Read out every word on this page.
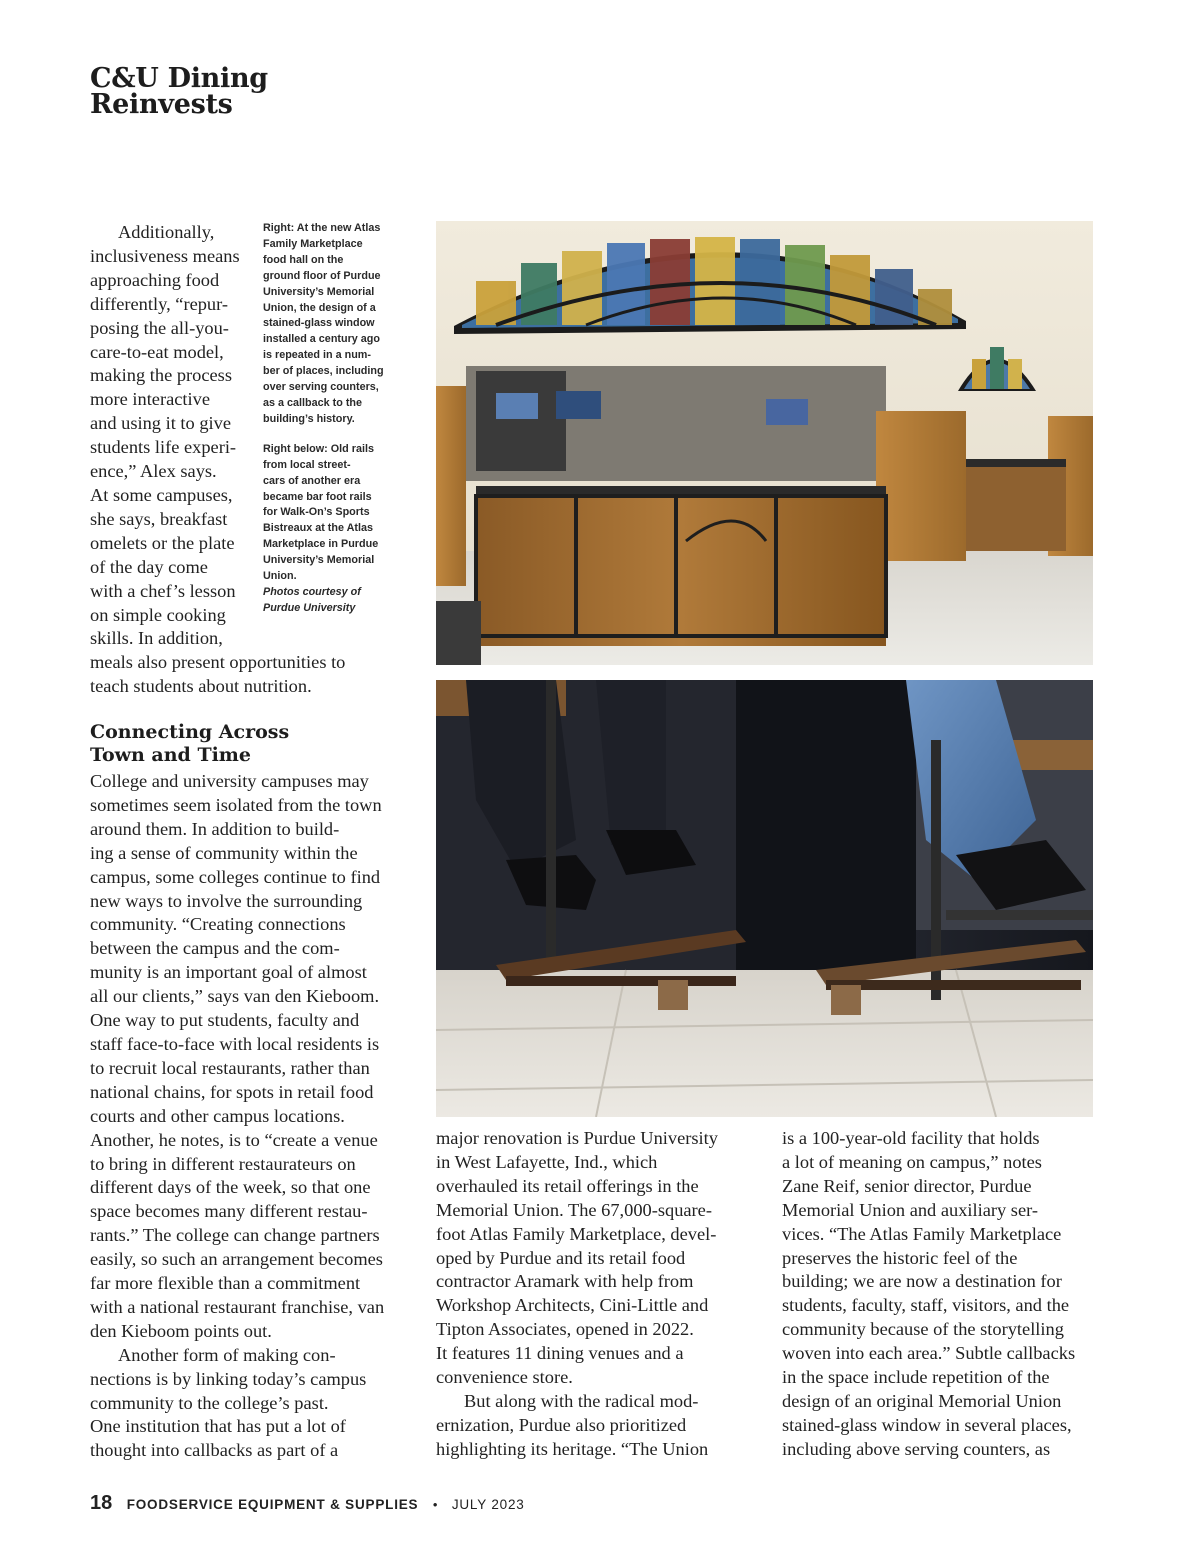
C&U Dining
Reinvests
Additionally,
inclusiveness means
approaching food
differently, “repur-
posing the all-you-
care-to-eat model,
making the process
more interactive
and using it to give
students life experi-
ence,” Alex says.
At some campuses,
she says, breakfast
omelets or the plate
of the day come
with a chef’s lesson
on simple cooking
skills. In addition,
meals also present opportunities to
teach students about nutrition.

Right: At the new Atlas
Family Marketplace
food hall on the
ground floor of Purdue
University’s Memorial
Union, the design of a
stained-glass window
installed a century ago
is repeated in a num-
ber of places, including
over serving counters,
as a callback to the
building’s history.

Right below: Old rails
from local street-
cars of another era
became bar foot rails
for Walk-On’s Sports
Bistreaux at the Atlas
Marketplace in Purdue
University’s Memorial
Union.

Photos courtesy of
Purdue University

Connecting Across
Town and Time
College and university campuses may
sometimes seem isolated from the town
around them. In addition to build-
ing a sense of community within the
campus, some colleges continue to find
new ways to involve the surrounding
community. “Creating connections
between the campus and the com-
munity is an important goal of almost
all our clients,” says van den Kieboom.
One way to put students, faculty and
staff face-to-face with local residents is
to recruit local restaurants, rather than
national chains, for spots in retail food
courts and other campus locations.
Another, he notes, is to “create a venue
to bring in different restaurateurs on
different days of the week, so that one
space becomes many different restau-
rants.” The college can change partners
easily, so such an arrangement becomes
far more flexible than a commitment
with a national restaurant franchise, van
den Kieboom points out.
Another form of making con-
nections is by linking today’s campus
community to the college’s past.
One institution that has put a lot of
thought into callbacks as part of a
major renovation is Purdue University
in West Lafayette, Ind., which
overhauled its retail offerings in the
Memorial Union. The 67,000-square-
foot Atlas Family Marketplace, devel-
oped by Purdue and its retail food
contractor Aramark with help from
Workshop Architects, Cini-Little and
Tipton Associates, opened in 2022.
It features 11 dining venues and a
convenience store.
But along with the radical mod-
ernization, Purdue also prioritized
highlighting its heritage. “The Union
is a 100-year-old facility that holds
a lot of meaning on campus,” notes
Zane Reif, senior director, Purdue
Memorial Union and auxiliary ser-
vices. “The Atlas Family Marketplace
preserves the historic feel of the
building; we are now a destination for
students, faculty, staff, visitors, and the
community because of the storytelling
woven into each area.” Subtle callbacks
in the space include repetition of the
design of an original Memorial Union
stained-glass window in several places,
including above serving counters, as
18 FOODSERVICE EQUIPMENT & SUPPLIES • JULY 2023
